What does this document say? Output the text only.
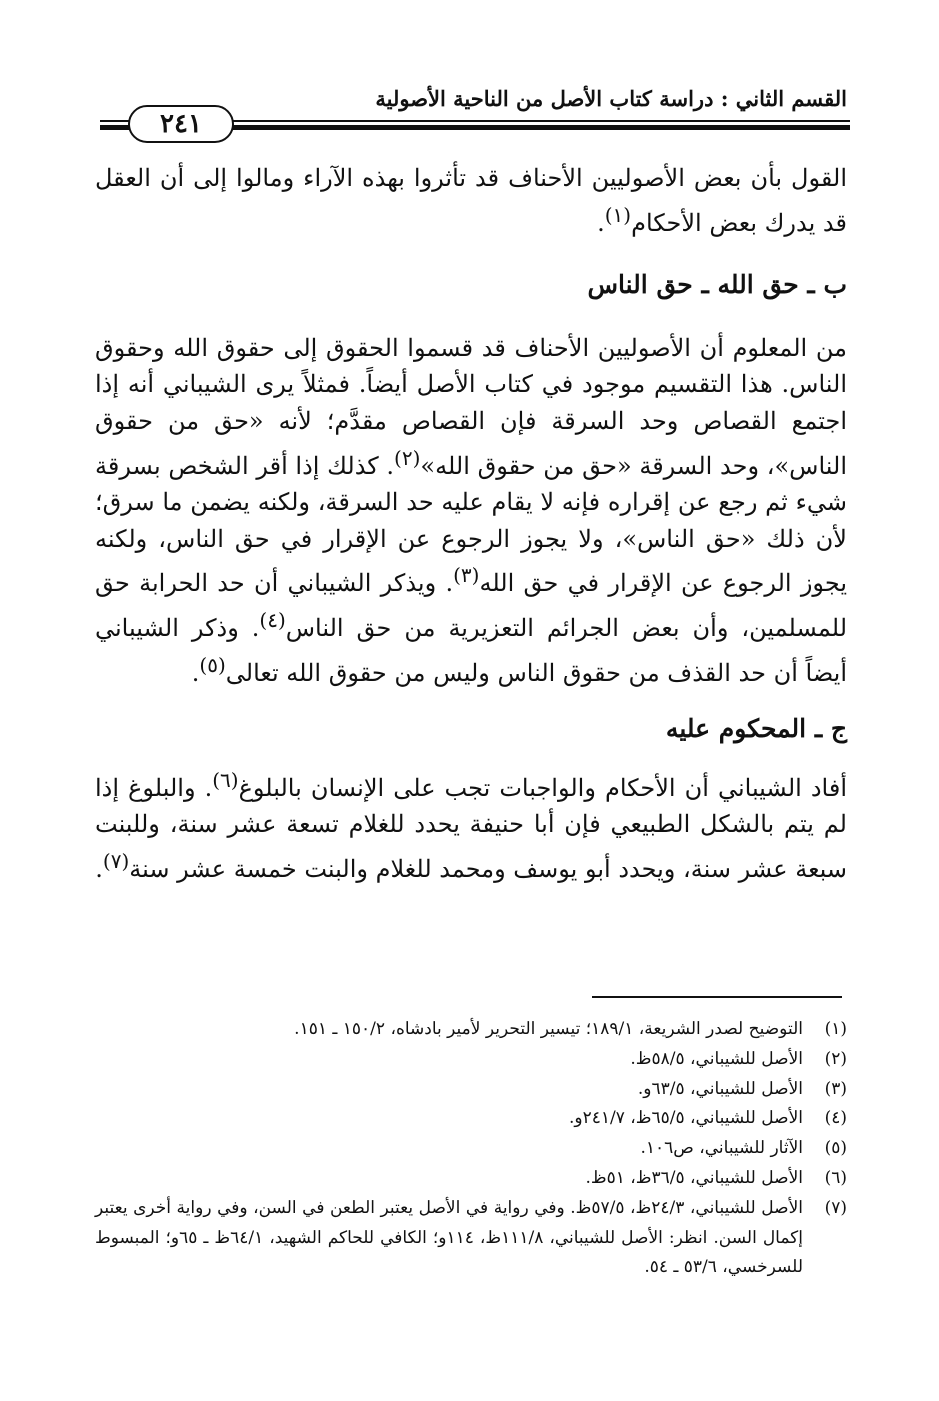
القسم الثاني : دراسة كتاب الأصل من الناحية الأصولية
٢٤١

القول بأن بعض الأصوليين الأحناف قد تأثروا بهذه الآراء ومالوا إلى أن العقل قد يدرك بعض الأحكام$^{(١)}$.

ب ـ حق الله ـ حق الناس

من المعلوم أن الأصوليين الأحناف قد قسموا الحقوق إلى حقوق الله وحقوق الناس. هذا التقسيم موجود في كتاب الأصل أيضاً. فمثلاً يرى الشيباني أنه إذا اجتمع القصاص وحد السرقة فإن القصاص مقدَّم؛ لأنه «حق من حقوق الناس»، وحد السرقة «حق من حقوق الله»$^{(٢)}$. كذلك إذا أقر الشخص بسرقة شيء ثم رجع عن إقراره فإنه لا يقام عليه حد السرقة، ولكنه يضمن ما سرق؛ لأن ذلك «حق الناس»، ولا يجوز الرجوع عن الإقرار في حق الناس، ولكنه يجوز الرجوع عن الإقرار في حق الله$^{(٣)}$. ويذكر الشيباني أن حد الحرابة حق للمسلمين، وأن بعض الجرائم التعزيرية من حق الناس$^{(٤)}$. وذكر الشيباني أيضاً أن حد القذف من حقوق الناس وليس من حقوق الله تعالى$^{(٥)}$.

ج ـ المحكوم عليه

أفاد الشيباني أن الأحكام والواجبات تجب على الإنسان بالبلوغ$^{(٦)}$. والبلوغ إذا لم يتم بالشكل الطبيعي فإن أبا حنيفة يحدد للغلام تسعة عشر سنة، وللبنت سبعة عشر سنة، ويحدد أبو يوسف ومحمد للغلام والبنت خمسة عشر سنة$^{(٧)}$.

(١)
التوضيح لصدر الشريعة، ١٨٩/١؛ تيسير التحرير لأمير بادشاه، ١٥٠/٢ ـ ١٥١.
(٢)
الأصل للشيباني، ٥٨/٥ظ.
(٣)
الأصل للشيباني، ٦٣/٥و.
(٤)
الأصل للشيباني، ٦٥/٥ظ، ٢٤١/٧و.
(٥)
الآثار للشيباني، ص١٠٦.
(٦)
الأصل للشيباني، ٣٦/٥ظ، ٥١ظ.
(٧)
الأصل للشيباني، ٢٤/٣ظ، ٥٧/٥ظ. وفي رواية في الأصل يعتبر الطعن في السن، وفي رواية أخرى يعتبر إكمال السن. انظر: الأصل للشيباني، ١١١/٨ظ، ١١٤و؛ الكافي للحاكم الشهيد، ٦٤/١ظ ـ ٦٥و؛ المبسوط للسرخسي، ٥٣/٦ ـ ٥٤.
